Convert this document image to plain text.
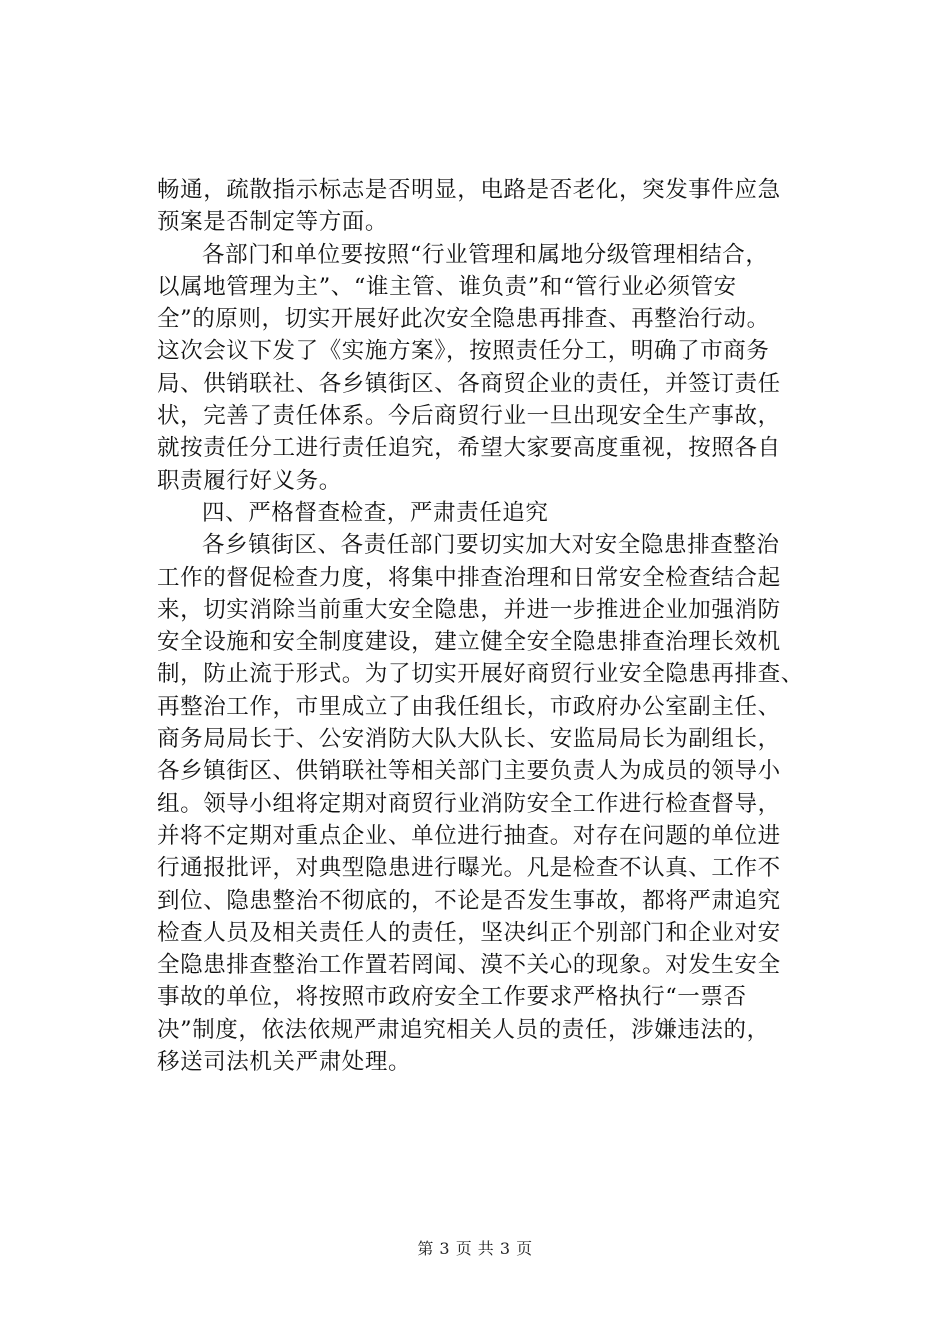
畅通，疏散指示标志是否明显，电路是否老化，突发事件应急
预案是否制定等方面。
各部门和单位要按照“行业管理和属地分级管理相结合，
以属地管理为主”、“谁主管、谁负责”和“管行业必须管安
全”的原则，切实开展好此次安全隐患再排查、再整治行动。
这次会议下发了《实施方案》，按照责任分工，明确了市商务
局、供销联社、各乡镇街区、各商贸企业的责任，并签订责任
状，完善了责任体系。今后商贸行业一旦出现安全生产事故，
就按责任分工进行责任追究，希望大家要高度重视，按照各自
职责履行好义务。
四、严格督查检查，严肃责任追究
各乡镇街区、各责任部门要切实加大对安全隐患排查整治
工作的督促检查力度，将集中排查治理和日常安全检查结合起
来，切实消除当前重大安全隐患，并进一步推进企业加强消防
安全设施和安全制度建设，建立健全安全隐患排查治理长效机
制，防止流于形式。为了切实开展好商贸行业安全隐患再排查、
再整治工作，市里成立了由我任组长，市政府办公室副主任、
商务局局长于、公安消防大队大队长、安监局局长为副组长，
各乡镇街区、供销联社等相关部门主要负责人为成员的领导小
组。领导小组将定期对商贸行业消防安全工作进行检查督导，
并将不定期对重点企业、单位进行抽查。对存在问题的单位进
行通报批评，对典型隐患进行曝光。凡是检查不认真、工作不
到位、隐患整治不彻底的，不论是否发生事故，都将严肃追究
检查人员及相关责任人的责任，坚决纠正个别部门和企业对安
全隐患排查整治工作置若罔闻、漠不关心的现象。对发生安全
事故的单位，将按照市政府安全工作要求严格执行“一票否
决”制度，依法依规严肃追究相关人员的责任，涉嫌违法的，
移送司法机关严肃处理。
第 3 页 共 3 页
